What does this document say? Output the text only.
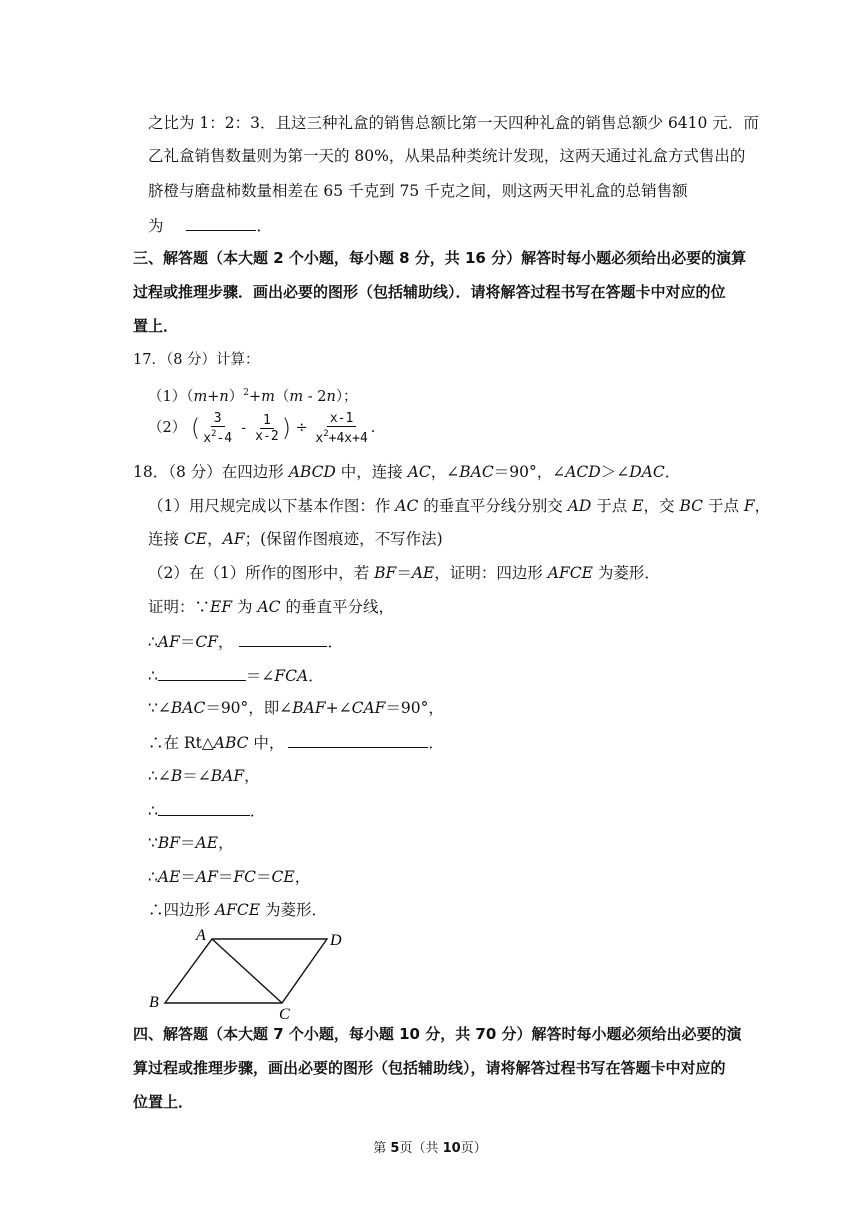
之比为 1：2：3．且这三种礼盒的销售总额比第一天四种礼盒的销售总额少 6410 元．而
乙礼盒销售数量则为第一天的 80%，从果品种类统计发现，这两天通过礼盒方式售出的
脐橙与磨盘柿数量相差在 65 千克到 75 千克之间，则这两天甲礼盒的总销售额
为	．
三、解答题（本大题 2 个小题，每小题 8 分，共 16 分）解答时每小题必须给出必要的演算
过程或推理步骤．画出必要的图形（包括辅助线）．请将解答过程书写在答题卡中对应的位
置上．
17．（8 分）计算：
$(1)(m+n)^2+m(m - 2n)$；
（2） ( $\frac{3}{x^2-4} - \frac{1}{x-2}$ ) ÷ $\frac{x-1}{x^2+4x+4}$ .
18．（8 分）在四边形 ABCD 中，连接 AC，∠BAC＝90°，∠ACD＞∠DAC．
（1）用尺规完成以下基本作图：作 AC 的垂直平分线分别交 AD 于点 E，交 BC 于点 F，
连接 CE，AF；(保留作图痕迹，不写作法)
（2）在（1）所作的图形中，若 BF＝AE，证明：四边形 AFCE 为菱形．
证明：∵EF 为 AC 的垂直平分线，
∴AF＝CF，	．
∴	＝∠FCA．
∵∠BAC＝90°，即∠BAF+∠CAF＝90°，
∴在 Rt△ABC 中，	．
∴∠B＝∠BAF，
∴	．
∵BF＝AE，
∴AE＝AF＝FC＝CE，
∴四边形 AFCE 为菱形．
A	D
B
C
四、解答题（本大题 7 个小题，每小题 10 分，共 70 分）解答时每小题必须给出必要的演
算过程或推理步骤，画出必要的图形（包括辅助线），请将解答过程书写在答题卡中对应的
位置上．
第 5页（共 10页）
